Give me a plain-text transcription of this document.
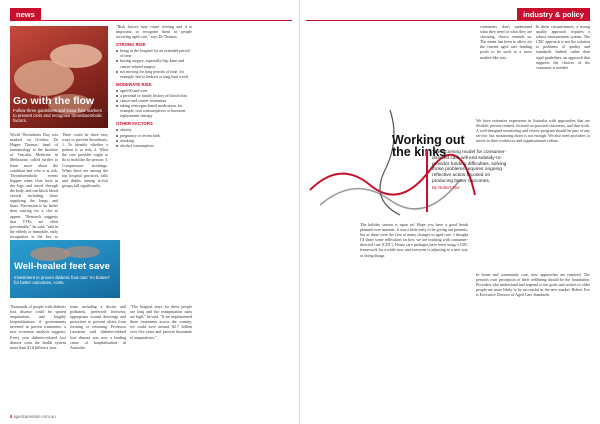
news
Go with the flow
Follow three guidelines and know flow markers to prevent clots and recognise thromboembolic factors.
World Thrombosis Day was marked on October. Dr Hagen Thomas, head of haematology at the Institute of Vascular Medicine in Melbourne, called further to learn more about the condition and who is at risk. Thromboembolic events happen when clots form in the legs and travel through the body, and can block blood vessels including those supplying the lungs and heart. Prevention is far better than waiting for a clot to appear. "Research suggests that VTEs are often preventable," he said, "and in the elderly or immobile, early recognition is the key to
There could be three easy ways to prevent thrombosis: 1. To identify whether a patient is at risk; 2. What the care provider ought to do to mobilise the person; 3. Compression stockings. When these are among the top hospital practices, falls and deaths among at-risk groups fall significantly.
"Risk factors may cause clotting and it is important to recognise them in people receiving aged care," says Dr Thomas.
STRONG RISK
being in the hospital for an extended period of time
having surgery, especially hip, knee and cancer-related surgery
not moving for long periods of time, for example, due to bedrest or long haul travel
MODERATE RISK
aged 60 and over
a personal or family history of blood clots
cancer and cancer treatments
taking oestrogen-based medication, for example, oral contraceptives or hormone replacement therapy
OTHER FACTORS
obesity
pregnancy or recent birth
smoking
alcohol consumption
Well-healed feet save
Investment in proven diabetic foot care 'no brainer' for better outcomes, costs.
Thousands of people with diabetic foot disease could be spared amputations and lengthy hospitalisations if governments invested in proven treatments, a new economic analysis suggests. Every year diabetes-related foot disease costs the health system more than $1.6 billion a year.
team including a doctor and podiatrist, preferred footwear, appropriate wound dressings and protection to prevent ulcers from forming or returning. Professor Lazzarini said diabetes-related foot disease was now a leading cause of hospitalisation in Australia.
"The hospital stays for these people are long and the reamputation rates are high," he said. "If we implemented these treatments across the country, we could save around $2.7 billion over five years and prevent thousands of amputations."
8 agedcareinsite.com.au
industry & policy
consumers don't understand what they need or what they are choosing, choice reminds us. The intent has been to allow for the current aged care funding pools to be used in a more market-like way.
In these circumstances, a strong quality approach requires a robust measurement system. The CDC approach is not the solution to problems of quality and standards. Indeed, rather than rigid guidelines, an approach that supports the choices of the consumer is needed.
Working out the kinks
The incoming model for consumer-directed care will end subsidy-to-provider funding difficulties, solving those problems requires ongoing reflective action focused on producing better outcomes.
By Robert Fox
The holiday season is upon us! Hope you have a good break planned over summer. It was a little early to be giving out presents, but as these were the first of many changes in aged care, I thought I'd share some reflections on how we are tracking with consumer-directed care (CDC). Home care packages have been using a CDC framework for a while now and everyone is adjusting to a new way of doing things.
We have extensive experience in Australia with approaches that are flexible, person-centred, focused on practical outcomes, and that work. A well-designed monitoring and review program should be part of any service, but monitoring alone is not enough. We also need providers to invest in their workforce and organisational culture.
In home and community care, new approaches are required. The person's own perception of their wellbeing should be the foundation. Providers who understand and respond to the goals and wishes of older people are more likely to be successful in the new market. Robert Fox is Executive Director of Aged Care Standards.
